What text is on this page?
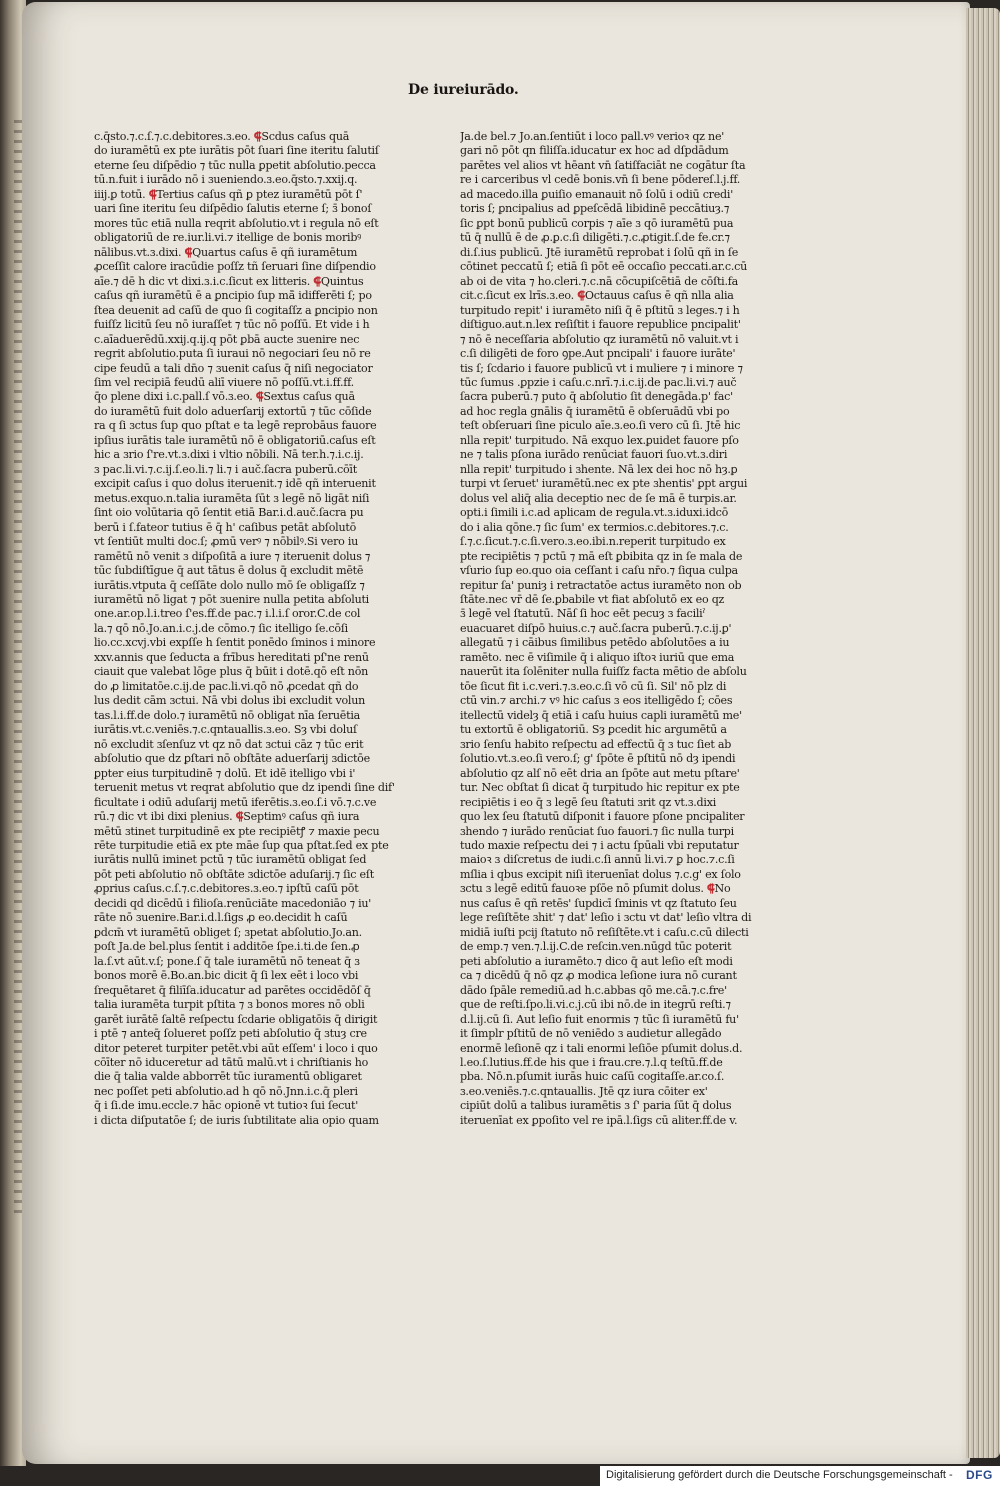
De iureiurādo.

c.q̄sto.⁊.c.ſ.⁊.c.debitores.ɜ.eo. ⸿Scd̄us caſus quā

do iuramētū ex pte iurātis pōt ſuari ſine iteritu ſalutiſ

eterne ſeu diſpēdio ⁊ tūc nulla ꝑpetit abſolutio.pecca

tū.n.fuit i iurādo nō i ɜueniendo.ɜ.eo.q̄sto.⁊.xxij.q.

iiij.ꝑ totū. ⸿Tertius caſus qñ ꝑ ptez iuramētū pōt ſ'

uari ſine iteritu ſeu diſpēdio ſalutis eterne ſ; ɜ̄ bonoſ

mores tūc etiā nulla reqrit abſolutio.vt i regula nō eſt

obligatoriū de re.iur.li.vi.⁊ itellige de bonis moribꝰ

nālibus.vt.ɜ.dixi. ⸿Quartus caſus ē qñ iuramētum

ꝓceſſit calore iracūdie poſſz tñ ſeruari ſine diſpendio

aīe.⁊ dē h dic vt dixi.ɜ.i.c.ſicut ex litteris. ⸿Quintus

caſus qñ iuramētū ē a ꝑncipio ſup mā̄ idifferēti ſ; po

ſtea deuenit ad caſū de quo ſi cogitaſſz a ꝑncipio non

fuiſſz licitū ſeu nō iuraſſet ⁊ tūc nō poſſū. Et vide i h

c.aīaduerēdū.xxij.q.ij.q pōt ꝑbā aucte ɜuenire nec

regrit abſolutio.puta ſi iuraui nō negociari ſeu nō re

cipe feudū a tali dn̄o ⁊ ɜuenit caſus q̄ niſi negociator

ſim vel recipiā feudū aliī viuere nō poſſū.vt.i.ff.ff.

q̄o plene dixi i.c.pall.ſ vō.ɜ.eo. ⸿Sextus caſus quā

do iuramētū fuit dolo aduerſarij extortū ⁊ tūc cōſide

ra q ſi ɜctus ſup quo pſtat̄ e ta legē reprobāus fauore

ipſius iurātis tale iuramētū nō ē obligatoriū.caſus eſt

hic a ɜrio ſ're.vt.ɜ.dixi i vltio nōbili. Nā ter.h.⁊.i.c.ij.

ɜ pac.li.vi.⁊.c.ij.ſ.eo.li.⁊ li.⁊ i auč.ſacra puberū.cōīt

excipit caſus i quo dolus iteruenit.⁊ idē qñ interuenit

metus.exquo.n.talia iuramēta ſūt ɜ legē nō ligāt niſi

ſint oio volūtaria qō ſentit etiā Bar.i.d.auč.ſacra pu

berū i ſ.fateor tutius ē q̄ h' caſibus petāt abſolutō

vt ſentiūt multi doc.ſ; ꝓmū verꝰ ⁊ nōbilꝰ.Si vero iu

ramētū nō venit ɜ diſpoſitā a iure ⁊ iteruenit dolus ⁊

tūc ſubdiſtīgue q̄ aut tātus ē dolus q̄ excludit mētē

iurātis.vtputa q̄ ceſſāte dolo nullo mō ſe obligaſſz ⁊

iuramētū nō ligat ⁊ pōt ɜuenire nulla petita abſoluti

one.ar.op.l.i.treo ſ'es.ff.de pac.⁊ i.l.i.ſ oror.C.de col

la.⁊ qō nō.Jo.an.i.c.j.de cōmo.⁊ ſic itelligo ſe.cōſi

lio.cc.xcvj.vbi expſſe h ſentit ponēdo ſminos i minore

xxv.annis que ſeducta a frībus hereditati pſ'ne renū

ciauit que valebat lōge plus q̄ būit i dotē.qō eſt nōn

do ꝓ limitatōe.c.ij.de pac.li.vi.qō nō ꝓcedat qñ do

lus dedit cām ɜctui. Nā vbi dolus ibi excludit volun

tas.l.i.ff.de dolo.⁊ iuramētū nō obligat nīa ſeruētia

iurātis.vt.c.veniēs.⁊.c.qntauallis.ɜ.eo. Sȝ vbi doluſ

nō excludit ɜſenſuz vt qz nō dat ɜctui cāz ⁊ tūc erit

abſolutio que dz ꝑſtari nō obſtāte aduerſarij ɜdictōe

ꝑpter eius turpitudinē ⁊ dolū. Et idē itelligo vbi i'

teruenit metus vt reqrat abſolutio que dz ipendi ſine dif'

ficultate i odiū aduſarij metū iferētis.ɜ.eo.ſ.i vō.⁊.c.ve

rū.⁊ dic vt ibi dixi plenius. ⸿Septimꝰ caſus qñ iura

mētū ɜtinet turpitudinē ex pte recipiētꝭ ⁊ maxie pecu

rēte turpitudie etiā ex pte māe ſup qua pſtat̄.ſed ex pte

iurātis nullū iminet pctū ⁊ tūc iuramētū obligat ſed

pōt peti abſolutio nō obſtāte ɜdictōe aduſarij.⁊ ſic eſt

ꝓprius caſus.c.ſ.⁊.c.debitores.ɜ.eo.⁊ ipſtū caſū pōt

decidi qd dicēdū i filioſa.renūciāte macedoniāo ⁊ iu'

rāte nō ɜuenire.Bar.i.d.l.ſigs ꝓ eo.decidit h caſū

ꝑdcm̄ vt iuramētū obliget ſ; ɜpetat abſolutio.Jo.an.

poſt Ja.de bel.plus ſentit i additōe ſpe.i.ti.de ſen.ꝓ

la.ſ.vt aūt.v.ſ; pone.ſ q̄ tale iuramētū nō teneat q̄ ɜ

bonos morē ē.Bo.an.bic dicit q̄ ſi lex eēt i loco vbi

ſrequētaret̄ q̄ filiīſa.iducatur ad parētes occidēdōſ q̄

talia iuramēta turpit pſtita ⁊ ɜ bonos mores nō obli

garēt iurātē ſaltē reſpectu ſcdarie obligatōis q̄ dirigit̄

i ptē ⁊ anteq̄ ſolueret poſſz peti abſolutio q̄ ɜtuȝ cre

ditor peteret turpiter petēt.vbi aūt eſſem' i loco i quo

cōīter nō iduceretur ad tātū malū.vt i chriſtianis ho

die q̄ talia valde abborrēt tūc iuramentū obligaret

nec poſſet peti abſolutio.ad h qō nō.Jnn.i.c.q̄ pleri

q̄ i ſi.de imu.eccle.⁊ hāc opionē vt tutioꝛ ſui ſecut'

i dicta diſputatōe ſ; de iuris ſubtilitate alia opio quam

Ja.de bel.⁊ Jo.an.ſentiūt i loco pall.vꝰ verioꝛ qz ne'

gari nō pōt qn filiſſa.iducatur ex hoc ad dſpdādum

parētes vel alios vt hēant vn̄ ſatiſfaciāt ne cogātur ſta

re i carceribus vl cedē bonis.vn̄ ſi bene pōdereſ.l.j.ff.

ad macedo.illa ꝑuiſio emanauit nō ſolū i odiū credi'

toris ſ; ꝑncipalius ad ꝑpeſcēdā libidinē peccātiuȝ.⁊

ſic ꝑpt bonū publicū corpis ⁊ aīe ɜ qō iuramētū pua

tū q̄ nullū ē de ꝓ.ꝑ.c.ſi diligēti.⁊.c.ꝓtigit.ſ.de fe.cr.⁊

di.ſ.ius publicū. Jtē iuramētū reprobat̄ i ſolū qñ in ſe

cōtinet peccatū ſ; etiā ſi pōt eē occaſio peccati.ar.c.cū

ab oi de vita ⁊ ho.cleri.⁊.c.nā cōcupiſcētiā de cōſti.fa

cit.c.ſicut ex lrīs.ɜ.eo. ⸿Octauus caſus ē qñ nlla alia

turpitudo repit' i iuramēto niſi q̄ ē pſtitū ɜ leges.⁊ i h

diſtiguo.aut.n.lex reſiſtit i fauore republice pncipalit'

⁊ nō ē neceſſaria abſolutio qz iuramētū nō valuit.vt i

c.ſi diligēti de foro ꝯpe.Aut pncipali' i fauore iurāte'

tis ſ; ſcdario i fauore publicū vt i muliere ⁊ i minore ⁊

tūc ſumus .ꝑpzie i caſu.c.nrī.⁊.i.c.ij.de pac.li.vi.⁊ auč

ſacra puberū.⁊ puto q̄ abſolutio ſit denegāda.p' fac'

ad hoc regla gnālis q̄ iuramētū ē obſeruādū vbi po

teſt obſeruari ſine piculo aīe.ɜ.eo.ſi vero cū ſi. Jtē hic

nlla repit' turpitudo. Nā exquo lex.ꝑuidet fauore pſo

ne ⁊ talis pſona iurādo renūciat fauori ſuo.vt.ɜ.diri

nlla repit' turpitudo i ɜhente. Nā lex dei hoc nō hȝ.ꝑ

turpi vt ſeruet' iuramētū.nec ex pte ɜhentis' ꝑpt argui

dolus vel aliq̄ alia deceptio nec de ſe mā ē turpis.ar.

opti.i ſimili i.c.ad aplicam de regula.vt.ɜ.iduxi.idcō

do i alia qōne.⁊ ſic ſum' ex termios.c.debitores.⁊.c.

ſ.⁊.c.ſicut.⁊.c.ſi.vero.ɜ.eo.ibi.n.reperit turpitudo ex

pte recipiētis ⁊ pctū ⁊ mā eſt ꝑbibita qz in ſe mala de

vſurio ſup eo.quo oia ceſſant i caſu nr̄o.⁊ ſiqua culpa

repitur ſa' puniȝ i retractatōe actus iuramēto non ob

ſtāte.nec vr̄ dē ſe.ꝑbabile vt fiat abſolutō ex eo qz

ɜ̄ legē vel ſtatutū. Nāſ ſi hoc eēt pecuȝ ɜ faciliˀ

euacuaret diſpō huius.c.⁊ auč.ſacra puberū.⁊.c.ij.ꝑ'

allegatū ⁊ i cāibus ſimilibus petēdo abſolutōes a iu

ramēto. nec ē viſimile q̄ i aliquo iſtoꝛ iuriū que ema

nauerūt ita ſolēniter nulla fuiſſz facta mētio de abſolu

tōe ſicut fit i.c.veri.⁊.ɜ.eo.c.ſi vō cū ſi. Sil' nō plz di

ctū vin.⁊ archi.⁊ vꝰ hic caſus ɜ eos itelligēdo ſ; cōes

itellectū videlȝ q̄ etiā i caſu huius capli iuramētū me'

tu extortū ē obligatoriū. Sȝ ꝑcedit hic argumētū a

ɜrio ſenſu habito reſpectu ad effectū q̄ ɜ tuc ſiet ab

ſolutio.vt.ɜ.eo.ſi vero.ſ; g' ſpōte ē pſtitū nō dȝ ipendi

abſolutio qz alſ nō eēt dria an ſpōte aut metu pſtare'

tur. Nec obſtat ſi dicat̄ q̄ turpitudo hic repitur ex pte

recipiētis i eo q̄ ɜ legē ſeu ſtatuti ɜrit qz vt.ɜ.dixi

quo lex ſeu ſtatutū diſponit i fauore pſone pncipaliter

ɜhendo ⁊ iurādo renūciat ſuo fauori.⁊ ſic nulla turpi

tudo maxie reſpectu dei ⁊ i actu ſpūali vbi reputatur

maioꝛ ɜ diſcretus de iudi.c.ſi annū li.vi.⁊ ꝑ hoc.⁊.c.ſi

mſlia i qbus excipit niſi iteruenīat dolus ⁊.c.g' ex ſolo

ɜctu ɜ legē editū fauoꝛe pſōe nō pſumit dolus. ⸿No

nus caſus ē qñ retēs' ſupdicī ſminis vt qz ſtatuto ſeu

lege reſiſtēte ɜhit' ⁊ dat' leſio i ɜctu vt dat' leſio vltra di

midiā iuſti pcij ſtatuto nō reſiſtēte.vt i caſu.c.cū dilecti

de emp.⁊ ven.⁊.l.ij.C.de reſcin.ven.nūgd tūc poterit

peti abſolutio a iuramēto.⁊ dico q̄ aut leſio eſt modi

ca ⁊ dicēdū q̄ nō qz ꝓ modica leſione iura nō curant

dādo ſpāle remediū.ad h.c.abbas qō me.cā.⁊.c.fre'

que de reſti.ſpo.li.vi.c.j.cū ibi nō.de in itegrū reſti.⁊

d.l.ij.cū ſi. Aut leſio fuit enormis ⁊ tūc ſi iuramētū fu'

it ſimplr pſtitū de nō veniēdo ɜ audietur allegādo

enormē leſionē qz i tali enormi leſiōe pſumit dolus.d.

l.eo.ſ.lutius.ff.de his que i frau.cre.⁊.l.q teſtū.ff.de

pba. Nō.n.pſumit iurās huic caſū cogitaſſe.ar.co.ſ.

ɜ.eo.veniēs.⁊.c.qntauallis. Jtē qz iura cōiter ex'

cipiūt dolū a talibus iuramētis ɜ ſ' paria ſūt q̄ dolus

iteruenīat ex ꝑpoſito vel re ipā.l.ſigs cū aliter.ff.de v.

Digitalisierung gefördert durch die Deutsche Forschungsgemeinschaft - DFG
